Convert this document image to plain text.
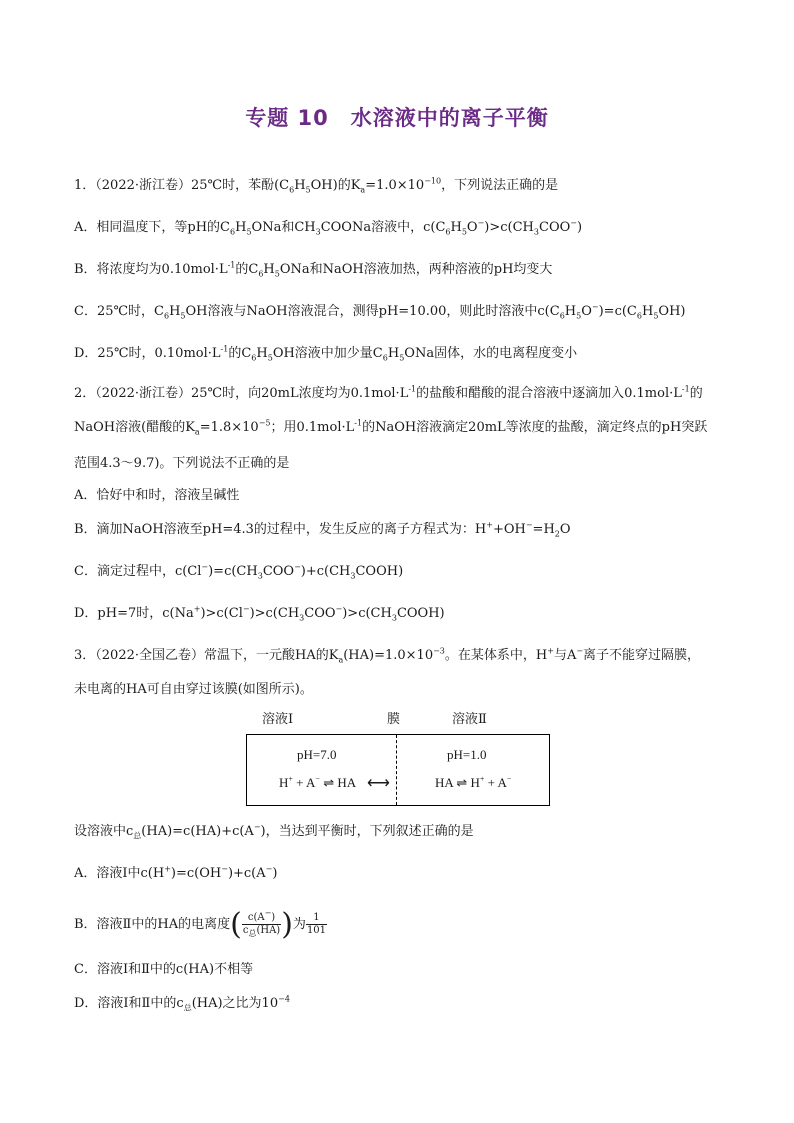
专题 10　水溶液中的离子平衡
1．（2022·浙江卷）25℃时，苯酚$(C_6H_5OH)$的$K_a=1.0\times 10^{-10}$，下列说法正确的是
A．相同温度下，等pH的$C_6H_5ONa$和$CH_3COONa$溶液中，$c(C_6H_5O^-)>c(CH_3COO^-)$
B．将浓度均为$0.10mol\cdot L^{-1}$的$C_6H_5ONa$和NaOH溶液加热，两种溶液的pH均变大
C．25℃时，$C_6H_5OH$溶液与NaOH溶液混合，测得pH=10.00，则此时溶液中$c(C_6H_5O^-)=c(C_6H_5OH)$
D．25℃时，$0.10mol\cdot L^{-1}$的$C_6H_5OH$溶液中加少量$C_6H_5ONa$固体，水的电离程度变小
2．（2022·浙江卷）25℃时，向20mL浓度均为$0.1mol\cdot L^{-1}$的盐酸和醋酸的混合溶液中逐滴加入$0.1mol\cdot L^{-1}$的
NaOH溶液(醋酸的$K_a=1.8\times 10^{-5}$；用$0.1mol\cdot L^{-1}$的NaOH溶液滴定20mL等浓度的盐酸，滴定终点的pH突跃
范围4.3～9.7)。下列说法不正确的是
A．恰好中和时，溶液呈碱性
B．滴加NaOH溶液至pH=4.3的过程中，发生反应的离子方程式为：$H^++OH^-=H_2O$
C．滴定过程中，$c(Cl^-)=c(CH_3COO^-)+c(CH_3COOH)$
D．pH=7时，$c(Na^+)>c(Cl^-)>c(CH_3COO^-)>c(CH_3COOH)$
3．（2022·全国乙卷）常温下，一元酸HA的$K_a(HA)=1.0\times 10^{-3}$。在某体系中，H+与A−离子不能穿过隔膜，
未电离的HA可自由穿过该膜(如图所示)。
溶液Ⅰ	膜	溶液Ⅱ
pH=7.0	pH=1.0
H+ + A− ⇌ HA ⟷	HA ⇌ H+ + A−
设溶液中$c_总(HA)=c(HA)+c(A^-)$，当达到平衡时，下列叙述正确的是
A．溶液Ⅰ中c(H+)=c(OH−)+c(A−)
B．溶液Ⅱ中的HA的电离度( $\frac{c(A^-)}{c_总(HA)}$ )为 $\frac{1}{101}$
C．溶液Ⅰ和Ⅱ中的c(HA)不相等
D．溶液Ⅰ和Ⅱ中的$c_总(HA)$之比为$10^{-4}$
